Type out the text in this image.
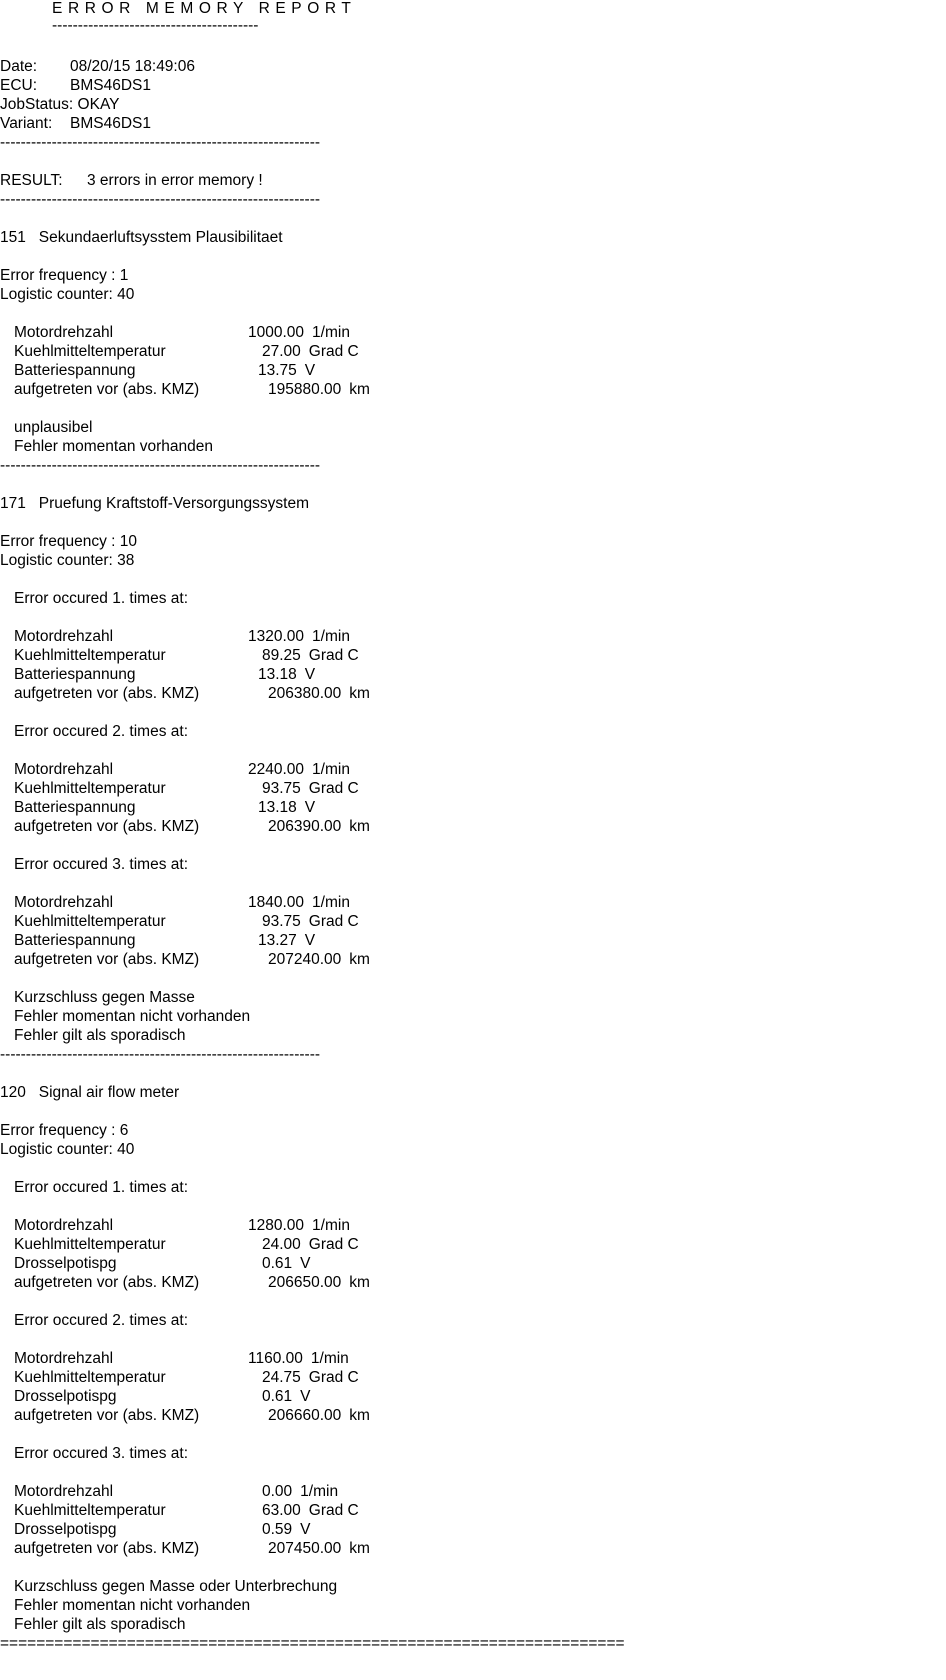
ERROR MEMORY REPORT
----------------------------------------
Date: 08/20/15 18:49:06
ECU: BMS46DS1
JobStatus: OKAY
Variant: BMS46DS1
--------------------------------------------------------------
RESULT: 3 errors in error memory !
--------------------------------------------------------------
151   Sekundaerluftsysstem Plausibilitaet
Error frequency : 1
Logistic counter: 40
Motordrehzahl	1000.00 1/min
Kuehlmitteltemperatur	27.00 Grad C
Batteriespannung	13.75 V
aufgetreten vor (abs. KMZ)	195880.00 km
unplausibel
Fehler momentan vorhanden
--------------------------------------------------------------
171   Pruefung Kraftstoff-Versorgungssystem
Error frequency : 10
Logistic counter: 38
Error occured 1. times at:
Motordrehzahl	1320.00 1/min
Kuehlmitteltemperatur	89.25 Grad C
Batteriespannung	13.18 V
aufgetreten vor (abs. KMZ)	206380.00 km
Error occured 2. times at:
Motordrehzahl	2240.00 1/min
Kuehlmitteltemperatur	93.75 Grad C
Batteriespannung	13.18 V
aufgetreten vor (abs. KMZ)	206390.00 km
Error occured 3. times at:
Motordrehzahl	1840.00 1/min
Kuehlmitteltemperatur	93.75 Grad C
Batteriespannung	13.27 V
aufgetreten vor (abs. KMZ)	207240.00 km
Kurzschluss gegen Masse
Fehler momentan nicht vorhanden
Fehler gilt als sporadisch
--------------------------------------------------------------
120   Signal air flow meter
Error frequency : 6
Logistic counter: 40
Error occured 1. times at:
Motordrehzahl	1280.00 1/min
Kuehlmitteltemperatur	24.00 Grad C
Drosselpotispg	0.61 V
aufgetreten vor (abs. KMZ)	206650.00 km
Error occured 2. times at:
Motordrehzahl	1160.00 1/min
Kuehlmitteltemperatur	24.75 Grad C
Drosselpotispg	0.61 V
aufgetreten vor (abs. KMZ)	206660.00 km
Error occured 3. times at:
Motordrehzahl	0.00 1/min
Kuehlmitteltemperatur	63.00 Grad C
Drosselpotispg	0.59 V
aufgetreten vor (abs. KMZ)	207450.00 km
Kurzschluss gegen Masse oder Unterbrechung
Fehler momentan nicht vorhanden
Fehler gilt als sporadisch
=====================================================================
